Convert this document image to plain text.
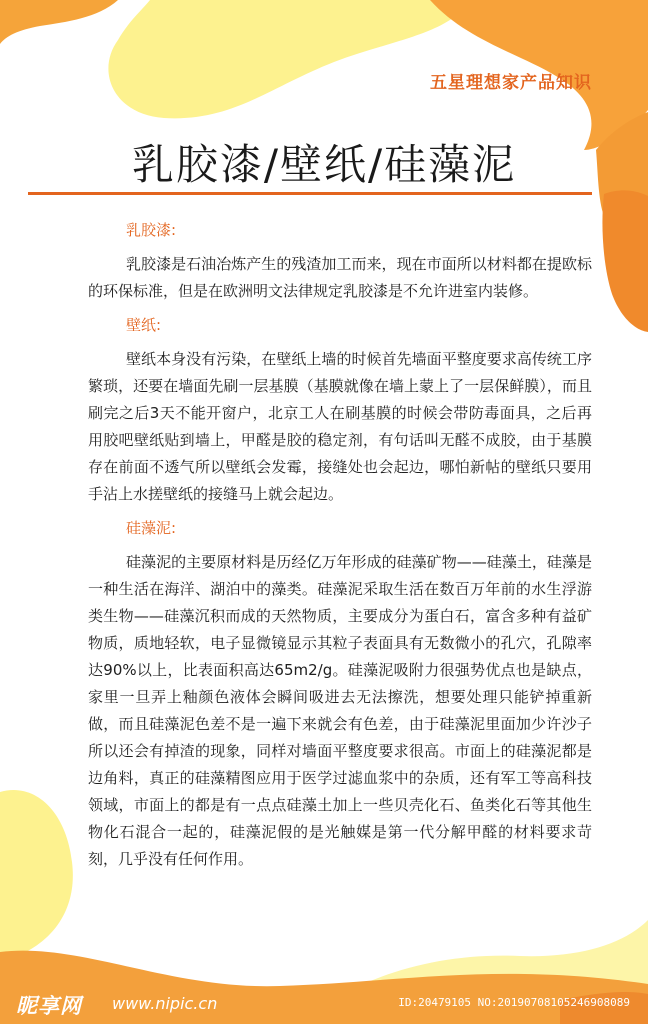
五星理想家产品知识
乳胶漆/壁纸/硅藻泥
乳胶漆:

乳胶漆是石油冶炼产生的残渣加工而来，现在市面所以材料都在提欧标的环保标准，但是在欧洲明文法律规定乳胶漆是不允许进室内装修。

壁纸:

壁纸本身没有污染，在壁纸上墙的时候首先墙面平整度要求高传统工序繁琐，还要在墙面先刷一层基膜（基膜就像在墙上蒙上了一层保鲜膜），而且刷完之后3天不能开窗户，北京工人在刷基膜的时候会带防毒面具，之后再用胶吧壁纸贴到墙上，甲醛是胶的稳定剂，有句话叫无醛不成胶，由于基膜存在前面不透气所以壁纸会发霉，接缝处也会起边，哪怕新帖的壁纸只要用手沾上水搓壁纸的接缝马上就会起边。

硅藻泥:

硅藻泥的主要原材料是历经亿万年形成的硅藻矿物——硅藻土，硅藻是一种生活在海洋、湖泊中的藻类。硅藻泥采取生活在数百万年前的水生浮游类生物——硅藻沉积而成的天然物质，主要成分为蛋白石，富含多种有益矿物质，质地轻软，电子显微镜显示其粒子表面具有无数微小的孔穴，孔隙率达90%以上，比表面积高达65m2/g。硅藻泥吸附力很强势优点也是缺点，家里一旦弄上釉颜色液体会瞬间吸进去无法擦洗，想要处理只能铲掉重新做，而且硅藻泥色差不是一遍下来就会有色差，由于硅藻泥里面加少许沙子所以还会有掉渣的现象，同样对墙面平整度要求很高。市面上的硅藻泥都是边角料，真正的硅藻精图应用于医学过滤血浆中的杂质，还有军工等高科技领域，市面上的都是有一点点硅藻土加上一些贝壳化石、鱼类化石等其他生物化石混合一起的，硅藻泥假的是光触媒是第一代分解甲醛的材料要求苛刻，几乎没有任何作用。

昵享网 www.nipic.cn	ID:20479105 NO:20190708105246908089
